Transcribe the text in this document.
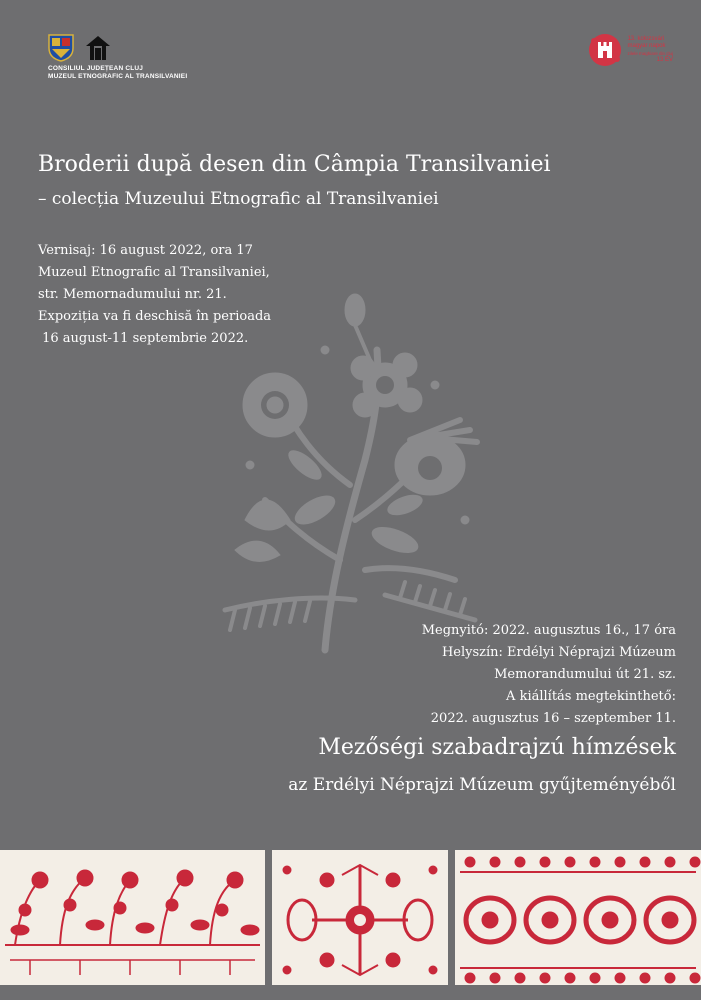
CONSILIUL JUDEȚEAN CLUJ
MUZEUL ETNOGRAFIC AL TRANSILVANIEI
13. kolozsvári
magyar napok
zilele maghiare din cluj
13 ÉV
Broderii după desen din Câmpia Transilvaniei
– colecția Muzeului Etnografic al Transilvaniei
Vernisaj: 16 august 2022, ora 17
Muzeul Etnografic al Transilvaniei,
str. Memornadumului nr. 21.
Expoziția va fi deschisă în perioada
16 august-11 septembrie 2022.
Megnyitó: 2022. augusztus 16., 17 óra
Helyszín: Erdélyi Néprajzi Múzeum
Memorandumului út 21. sz.
A kiállítás megtekinthető:
2022. augusztus 16 – szeptember 11.
Mezőségi szabadrajzú hímzések
az Erdélyi Néprajzi Múzeum gyűjteményéből
